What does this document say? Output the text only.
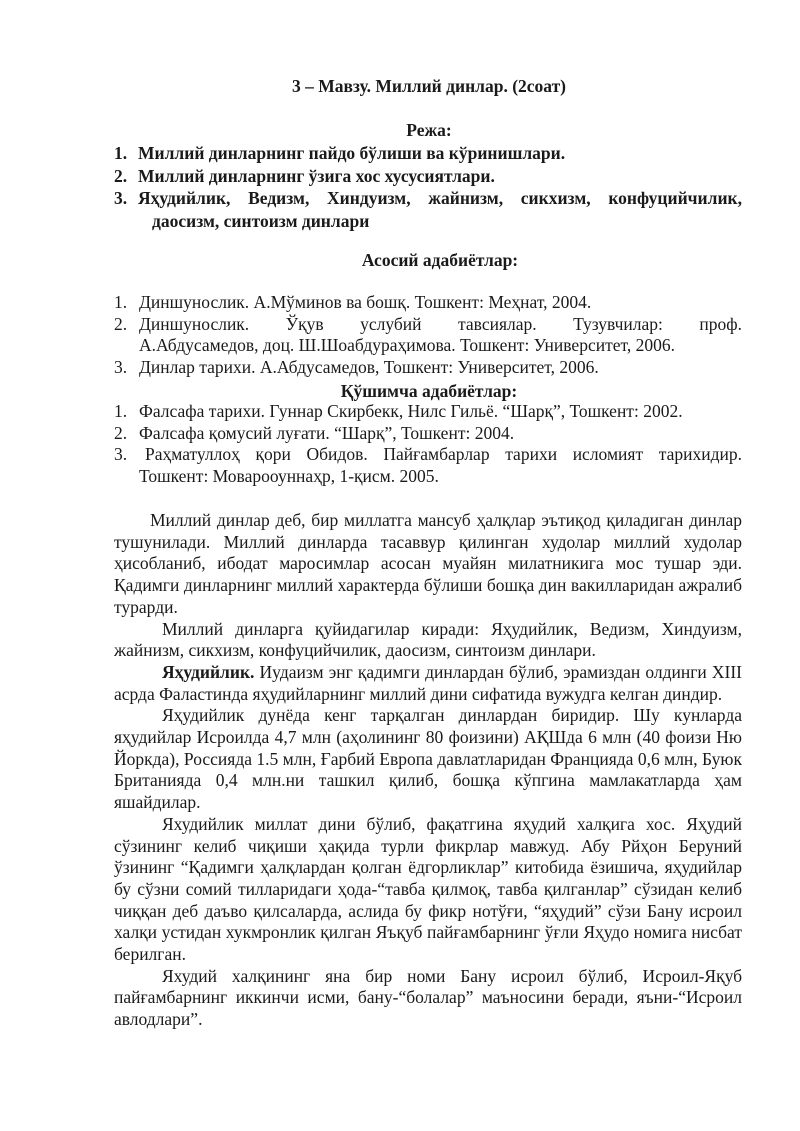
3 – Мавзу. Миллий динлар. (2соат)
Режа:
1. Миллий динларнинг пайдо бўлиши ва кўринишлари.
2. Миллий динларнинг ўзига хос хусусиятлари.
3. Яҳудийлик, Ведизм, Хиндуизм, жайнизм, сикхизм, конфуцийчилик,
даосизм, синтоизм динлари
Асосий адабиётлар:
1. Диншунослик. А.Мўминов ва бошқ. Тошкент: Меҳнат, 2004.
2. Диншунослик. Ўқув услубий тавсиялар. Тузувчилар: проф.
А.Абдусамедов, доц. Ш.Шоабдураҳимова. Тошкент: Университет, 2006.
3. Динлар тарихи. А.Абдусамедов, Тошкент: Университет, 2006.
Қўшимча адабиётлар:
1. Фалсафа тарихи. Гуннар Скирбекк, Нилс Гильё. “Шарқ”, Тошкент: 2002.
2. Фалсафа қомусий луғати. “Шарқ”, Тошкент: 2004.
3.	Раҳматуллоҳ қори Обидов. Пайғамбарлар тарихи исломият тарихидир.
Тошкент: Моварооуннаҳр, 1-қисм. 2005.

Миллий динлар деб, бир миллатга мансуб ҳалқлар эътиқод қиладиган динлар тушунилади. Миллий динларда тасаввур қилинган худолар миллий худолар ҳисобланиб, ибодат маросимлар асосан муайян милатникига мос тушар эди. Қадимги динларнинг миллий характерда бўлиши бошқа дин вакилларидан ажралиб турарди.

Миллий динларга қуйидагилар киради: Яҳудийлик, Ведизм, Хиндуизм, жайнизм, сикхизм, конфуцийчилик, даосизм, синтоизм динлари.

Яҳудийлик. Иудаизм энг қадимги динлардан бўлиб, эрамиздан олдинги XIII асрда Фаластинда яҳудийларнинг миллий дини сифатида вужудга келган диндир.

Яҳудийлик дунёда кенг тарқалган динлардан биридир. Шу кунларда яҳудийлар Исроилда 4,7 млн (аҳолининг 80 фоизини) АҚШда 6 млн (40 фоизи Ню Йоркда), Россияда 1.5 млн, Ғарбий Европа давлатларидан Францияда 0,6 млн, Буюк Британияда 0,4 млн.ни ташкил қилиб, бошқа кўпгина мамлакатларда ҳам яшайдилар.

Яхудийлик миллат дини бўлиб, фақатгина яҳудий халқига хос. Яҳудий сўзининг келиб чиқиши ҳақида турли фикрлар мавжуд. Абу Рйҳон Беруний ўзининг “Қадимги ҳалқлардан қолган ёдгорликлар” китобида ёзишича, яҳудийлар бу сўзни сомий тилларидаги ҳода-“тавба қилмоқ, тавба қилганлар” сўзидан келиб чиққан деб даъво қилсаларда, аслида бу фикр нотўғи, “яҳудий” сўзи Бану исроил халқи устидан хукмронлик қилган Яъқуб пайғамбарнинг ўғли Яҳудо номига нисбат берилган.

Яхудий халқининг яна бир номи Бану исроил бўлиб, Исроил-Яқуб пайғамбарнинг иккинчи исми, бану-“болалар” маъносини беради, яъни-“Исроил авлодлари”.
